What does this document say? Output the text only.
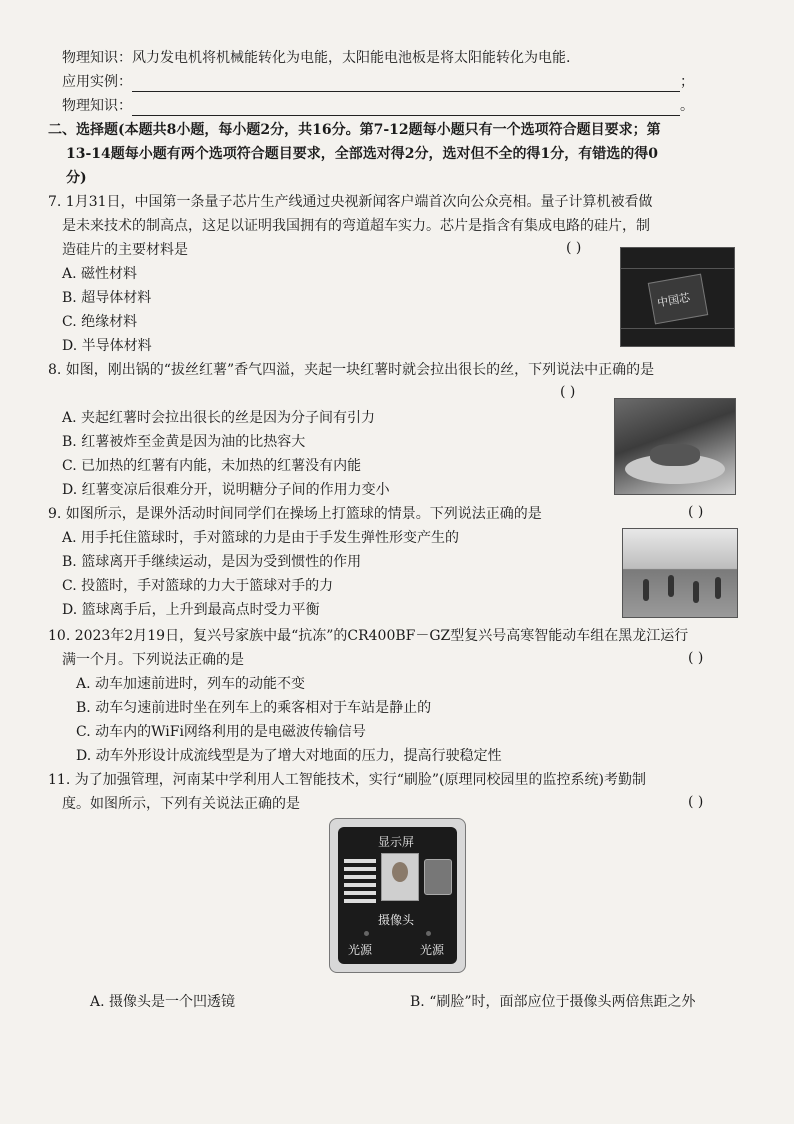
物理知识：风力发电机将机械能转化为电能，太阳能电池板是将太阳能转化为电能.
应用实例：	；
物理知识：	。
二、选择题(本题共8小题，每小题2分，共16分。第7-12题每小题只有一个选项符合题目要求；第
13-14题每小题有两个选项符合题目要求，全部选对得2分，选对但不全的得1分，有错选的得0
分)
7. 1月31日，中国第一条量子芯片生产线通过央视新闻客户端首次向公众亮相。量子计算机被看做
是未来技术的制高点，这足以证明我国拥有的弯道超车实力。芯片是指含有集成电路的硅片，制
造硅片的主要材料是	( )
A. 磁性材料
B. 超导体材料
C. 绝缘材料
D. 半导体材料
中国芯
8. 如图，刚出锅的“拔丝红薯”香气四溢，夹起一块红薯时就会拉出很长的丝，下列说法中正确的是
( )
A. 夹起红薯时会拉出很长的丝是因为分子间有引力
B. 红薯被炸至金黄是因为油的比热容大
C. 已加热的红薯有内能，未加热的红薯没有内能
D. 红薯变凉后很难分开，说明糖分子间的作用力变小
9. 如图所示，是课外活动时间同学们在操场上打篮球的情景。下列说法正确的是	( )
A. 用手托住篮球时，手对篮球的力是由于手发生弹性形变产生的
B. 篮球离开手继续运动，是因为受到惯性的作用
C. 投篮时，手对篮球的力大于篮球对手的力
D. 篮球离手后，上升到最高点时受力平衡
10. 2023年2月19日，复兴号家族中最“抗冻”的CR400BF－GZ型复兴号高寒智能动车组在黑龙江运行
满一个月。下列说法正确的是	( )
A. 动车加速前进时，列车的动能不变
B. 动车匀速前进时坐在列车上的乘客相对于车站是静止的
C. 动车内的WiFi网络利用的是电磁波传输信号
D. 动车外形设计成流线型是为了增大对地面的压力，提高行驶稳定性
11. 为了加强管理，河南某中学利用人工智能技术，实行“刷脸”(原理同校园里的监控系统)考勤制
度。如图所示，下列有关说法正确的是	( )
显示屏
摄像头
光源	光源
A. 摄像头是一个凹透镜	B. “刷脸”时，面部应位于摄像头两倍焦距之外
